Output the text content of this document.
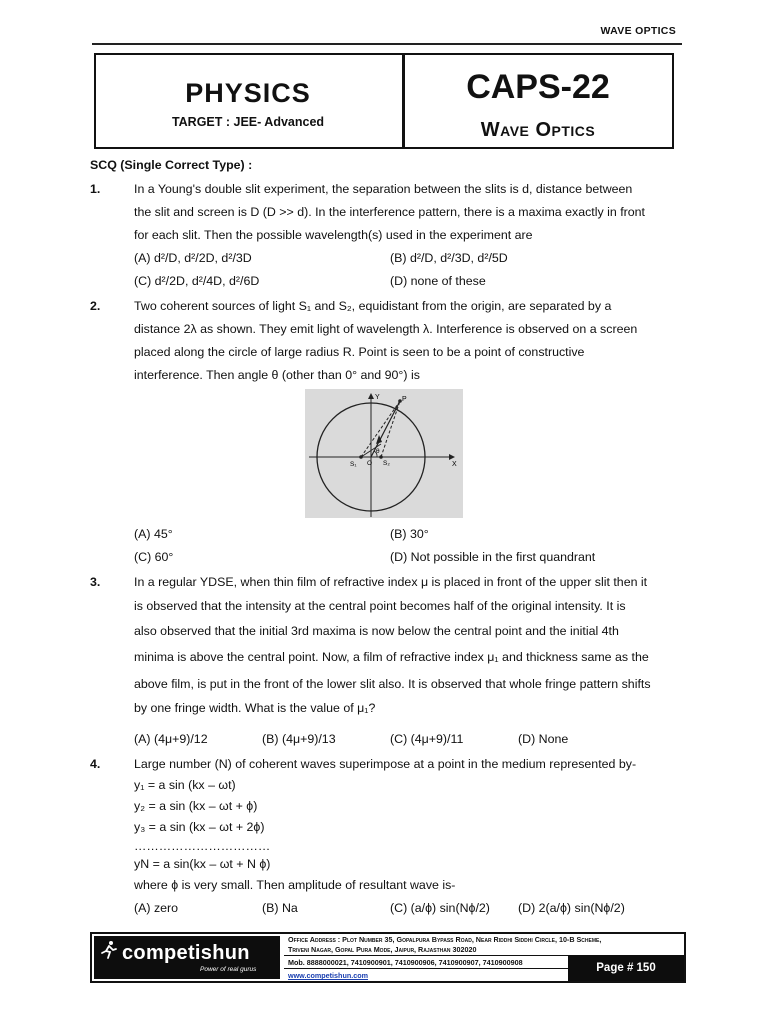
WAVE OPTICS
PHYSICS
TARGET : JEE- Advanced
CAPS-22
Wave Optics
SCQ (Single Correct Type) :
1.	In a Young's double slit experiment, the separation between the slits is d, distance between
the slit and screen is D (D >> d). In the interference pattern, there is a maxima exactly in front
for each slit. Then the possible wavelength(s) used in the experiment are
(A) d²/D, d²/2D, d²/3D	(B) d²/D, d²/3D, d²/5D
(C) d²/2D, d²/4D, d²/6D	(D) none of these
2.	Two coherent sources of light S₁ and S₂, equidistant from the origin, are separated by a
distance 2λ as shown. They emit light of wavelength λ. Interference is observed on a screen
placed along the circle of large radius R. Point is seen to be a point of constructive
interference. Then angle θ (other than 0° and 90°) is
Y
X
P
S₁	S₂
O
θ
(A) 45°	(B) 30°
(C) 60°	(D) Not possible in the first quandrant
3.	In a regular YDSE, when thin film of refractive index μ is placed in front of the upper slit then it
is observed that the intensity at the central point becomes half of the original intensity. It is
also observed that the initial 3rd maxima is now below the central point and the initial 4th
minima is above the central point. Now, a film of refractive index μ₁ and thickness same as the
above film, is put in the front of the lower slit also. It is observed that whole fringe pattern shifts
by one fringe width. What is the value of μ₁?
(A) (4μ+9)/12	(B) (4μ+9)/13	(C) (4μ+9)/11	(D) None
4.	Large number (N) of coherent waves superimpose at a point in the medium represented by-
y₁ = a sin (kx – ωt)
y₂ = a sin (kx – ωt + ϕ)
y₃ = a sin (kx – ωt + 2ϕ)
……………………………
yN = a sin(kx – ωt + N ϕ)
where ϕ is very small. Then amplitude of resultant wave is-
(A) zero	(B) Na	(C) (a/ϕ) sin(Nϕ/2) (D) 2(a/ϕ) sin(Nϕ/2)
competishun
Power of real gurus
Office Address : Plot Number 35, Gopalpura Bypass Road, Near Riddhi Siddhi Circle, 10-B Scheme,
Triveni Nagar, Gopal Pura Mode, Jaipur, Rajasthan 302020
Mob. 8888000021, 7410900901, 7410900906, 7410900907, 7410900908
www.competishun.com
Page # 150
